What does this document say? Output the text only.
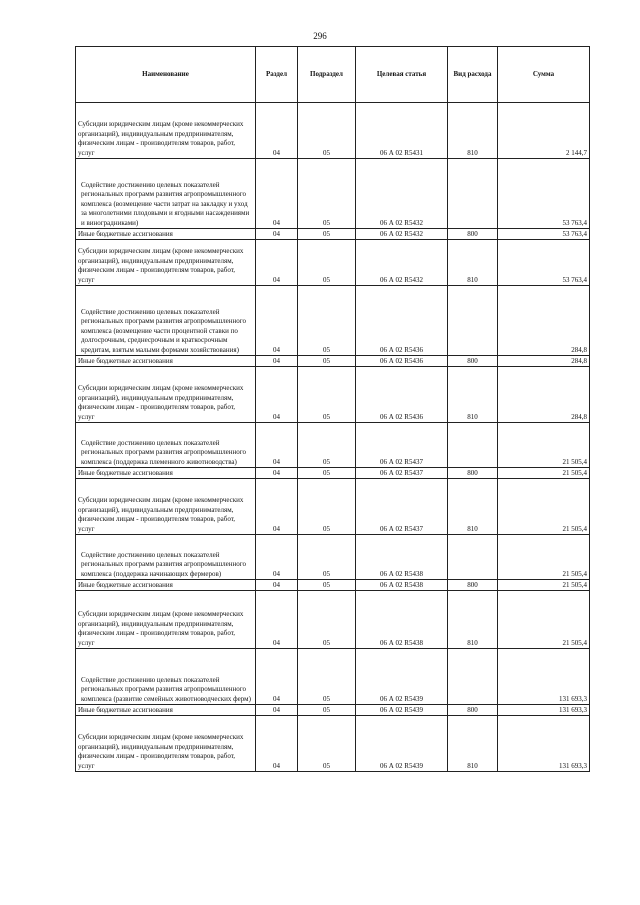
296
Наименование	Раздел	Подраздел	Целевая статья	Вид расхода	Сумма
Субсидии юридическим лицам (кроме некоммерческих организаций), индивидуальным предпринимателям, физическим лицам - производителям товаров, работ, услуг	04	05	06 А 02 R5431	810	2 144,7
Содействие достижению целевых показателей региональных программ развития агропромышленного комплекса (возмещение части затрат на закладку и уход за многолетними плодовыми и ягодными насаждениями и виноградниками)	04	05	06 А 02 R5432		53 763,4
Иные бюджетные ассигнования	04	05	06 А 02 R5432	800	53 763,4
Субсидии юридическим лицам (кроме некоммерческих организаций), индивидуальным предпринимателям, физическим лицам - производителям товаров, работ, услуг	04	05	06 А 02 R5432	810	53 763,4
Содействие достижению целевых показателей региональных программ развития агропромышленного комплекса (возмещение части процентной ставки по долгосрочным, среднесрочным и краткосрочным кредитам, взятым малыми формами хозяйствования)	04	05	06 А 02 R5436		284,8
Иные бюджетные ассигнования	04	05	06 А 02 R5436	800	284,8
Субсидии юридическим лицам (кроме некоммерческих организаций), индивидуальным предпринимателям, физическим лицам - производителям товаров, работ, услуг	04	05	06 А 02 R5436	810	284,8
Содействие достижению целевых показателей региональных программ развития агропромышленного комплекса (поддержка племенного животноводства)	04	05	06 А 02 R5437		21 505,4
Иные бюджетные ассигнования	04	05	06 А 02 R5437	800	21 505,4
Субсидии юридическим лицам (кроме некоммерческих организаций), индивидуальным предпринимателям, физическим лицам - производителям товаров, работ, услуг	04	05	06 А 02 R5437	810	21 505,4
Содействие достижению целевых показателей региональных программ развития агропромышленного комплекса (поддержка начинающих фермеров)	04	05	06 А 02 R5438		21 505,4
Иные бюджетные ассигнования	04	05	06 А 02 R5438	800	21 505,4
Субсидии юридическим лицам (кроме некоммерческих организаций), индивидуальным предпринимателям, физическим лицам - производителям товаров, работ, услуг	04	05	06 А 02 R5438	810	21 505,4
Содействие достижению целевых показателей региональных программ развития агропромышленного комплекса (развитие семейных животноводческих ферм)	04	05	06 А 02 R5439		131 693,3
Иные бюджетные ассигнования	04	05	06 А 02 R5439	800	131 693,3
Субсидии юридическим лицам (кроме некоммерческих организаций), индивидуальным предпринимателям, физическим лицам - производителям товаров, работ, услуг	04	05	06 А 02 R5439	810	131 693,3
